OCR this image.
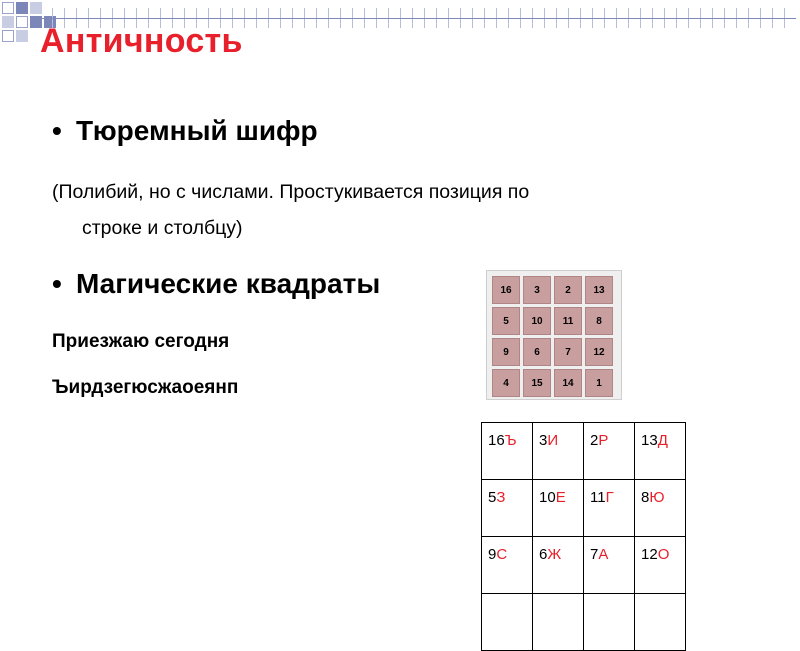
Античность
• Тюремный шифр
(Полибий, но с числами. Простукивается позиция по
строке и столбцу)
• Магические квадраты
Приезжаю сегодня
Ъирдзегюсжаоеянп
16	3	2	13
5	10	11	8
9	6	7	12
4	15	14	1
16Ъ	3И	2Р	13Д
5З	10Е	11Г	8Ю
9С	6Ж	7А	12О
